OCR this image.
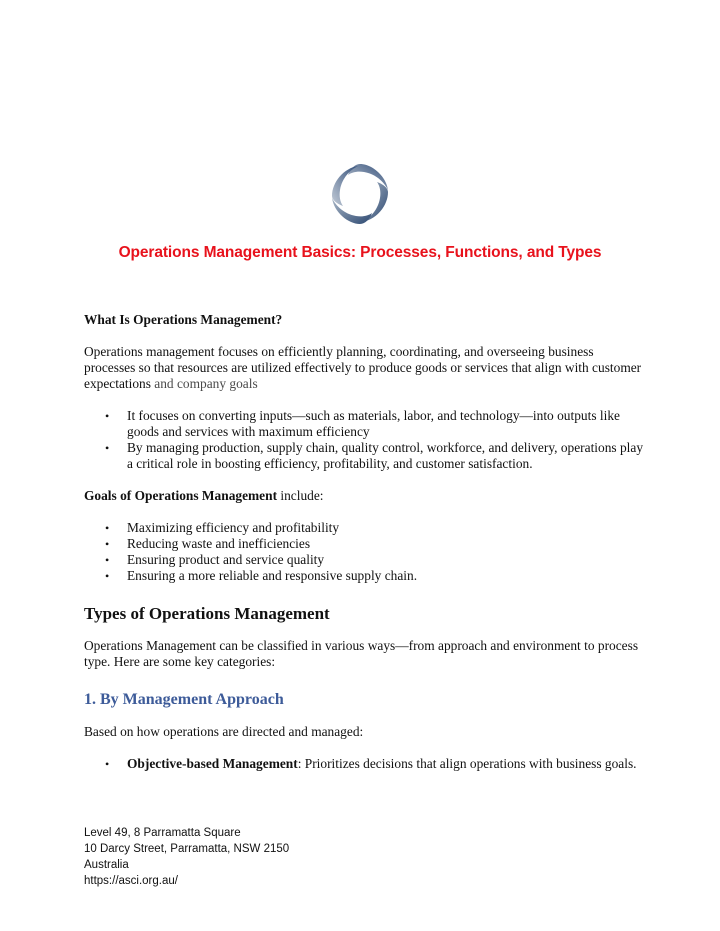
Operations Management Basics: Processes, Functions, and Types

What Is Operations Management?

Operations management focuses on efficiently planning, coordinating, and overseeing business processes so that resources are utilized effectively to produce goods or services that align with customer expectations and company goals

• It focuses on converting inputs—such as materials, labor, and technology—into outputs like goods and services with maximum efficiency
• By managing production, supply chain, quality control, workforce, and delivery, operations play a critical role in boosting efficiency, profitability, and customer satisfaction.

Goals of Operations Management include:

• Maximizing efficiency and profitability
• Reducing waste and inefficiencies
• Ensuring product and service quality
• Ensuring a more reliable and responsive supply chain.

Types of Operations Management

Operations Management can be classified in various ways—from approach and environment to process type. Here are some key categories:

1. By Management Approach

Based on how operations are directed and managed:

• Objective-based Management: Prioritizes decisions that align operations with business goals.
Level 49, 8 Parramatta Square
10 Darcy Street, Parramatta, NSW 2150
Australia
https://asci.org.au/
